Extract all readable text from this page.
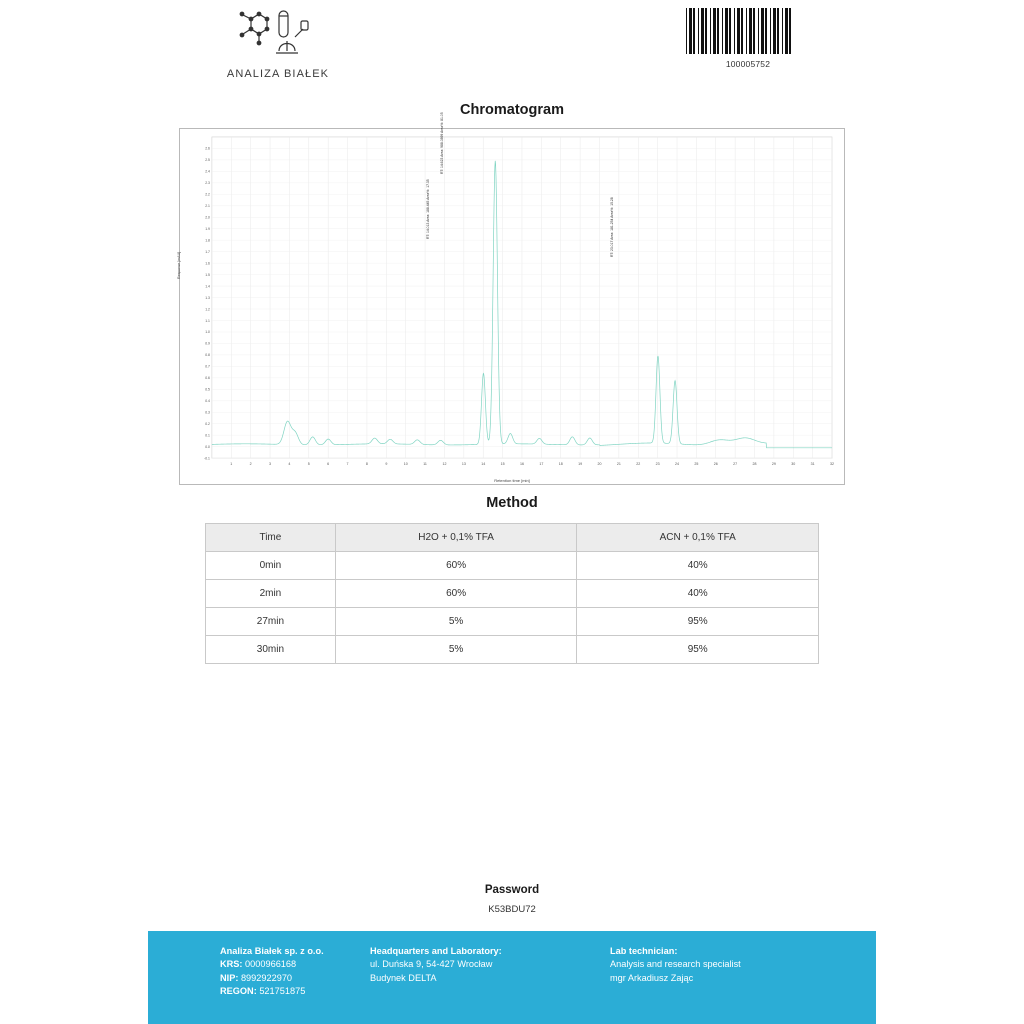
ANALIZA BIAŁEK
100005752
Chromatogram
1	2	3	4	5	6	7	8	9	10	11	12	13	14	15	16	17	18	19	20	21	22	23	24	25	26	27	28	29	30	31	32
-0.1
0.0
0.1
0.2
0.3
0.4
0.5
0.6
0.7
0.8
0.9
1.0
1.1
1.2
1.3
1.4
1.5
1.6
1.7
1.8
1.9
2.0
2.1
2.2
2.3
2.4
2.5
2.6
Response [mAU]
Retention time [min]
RT: 14.013 Area: 188.445 Area%: 17.35
RT: 14.623 Area: 988.0899 Area%: 81.05
RT: 23.017 Area: 181.254 Area%: 15.28
Method
Time	H2O + 0,1% TFA	ACN + 0,1% TFA
0min	60%	40%
2min	60%	40%
27min	5%	95%
30min	5%	95%
Password
K53BDU72
Analiza Białek sp. z o.o.
KRS: 0000966168
NIP: 8992922970
REGON: 521751875
Headquarters and Laboratory:
ul. Duńska 9, 54-427 Wrocław
Budynek DELTA
Lab technician:
Analysis and research specialist
mgr Arkadiusz Zając
